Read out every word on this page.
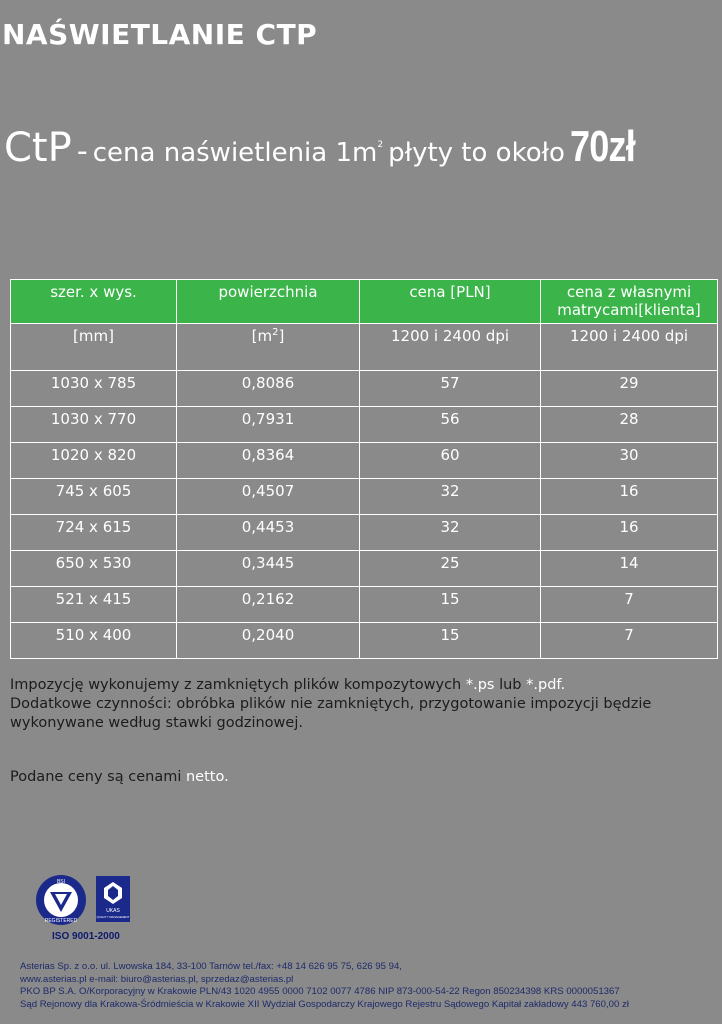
NAŚWIETLANIE CTP
CtP - cena naświetlenia $1m^2$ płyty to około 70zł
szer. x wys.	powierzchnia	cena [PLN]	cena z własnymi matrycami[klienta]
[mm]	$[m^2]$	1200 i 2400 dpi	1200 i 2400 dpi
1030 x 785	0,8086	57	29
1030 x 770	0,7931	56	28
1020 x 820	0,8364	60	30
745 x 605	0,4507	32	16
724 x 615	0,4453	32	16
650 x 530	0,3445	25	14
521 x 415	0,2162	15	7
510 x 400	0,2040	15	7

Impozycję wykonujemy z zamkniętych plików kompozytowych *.ps lub *.pdf.

Dodatkowe czynności: obróbka plików nie zamkniętych, przygotowanie impozycji będzie wykonywane według stawki godzinowej.

Podane ceny są cenami netto.
BSI
REGISTERED
UKAS
QUALITY MANAGEMENT
ISO 9001-2000
Asterias Sp. z o.o. ul. Lwowska 184, 33-100 Tarnów tel./fax: +48 14 626 95 75, 626 95 94,
www.asterias.pl e-mail: biuro@asterias.pl, sprzedaz@asterias.pl
PKO BP S.A. O/Korporacyjny w Krakowie PLN/43 1020 4955 0000 7102 0077 4786 NIP 873-000-54-22 Regon 850234398 KRS 0000051367
Sąd Rejonowy dla Krakowa-Śródmieścia w Krakowie XII Wydział Gospodarczy Krajowego Rejestru Sądowego Kapitał zakładowy 443 760,00 zł
